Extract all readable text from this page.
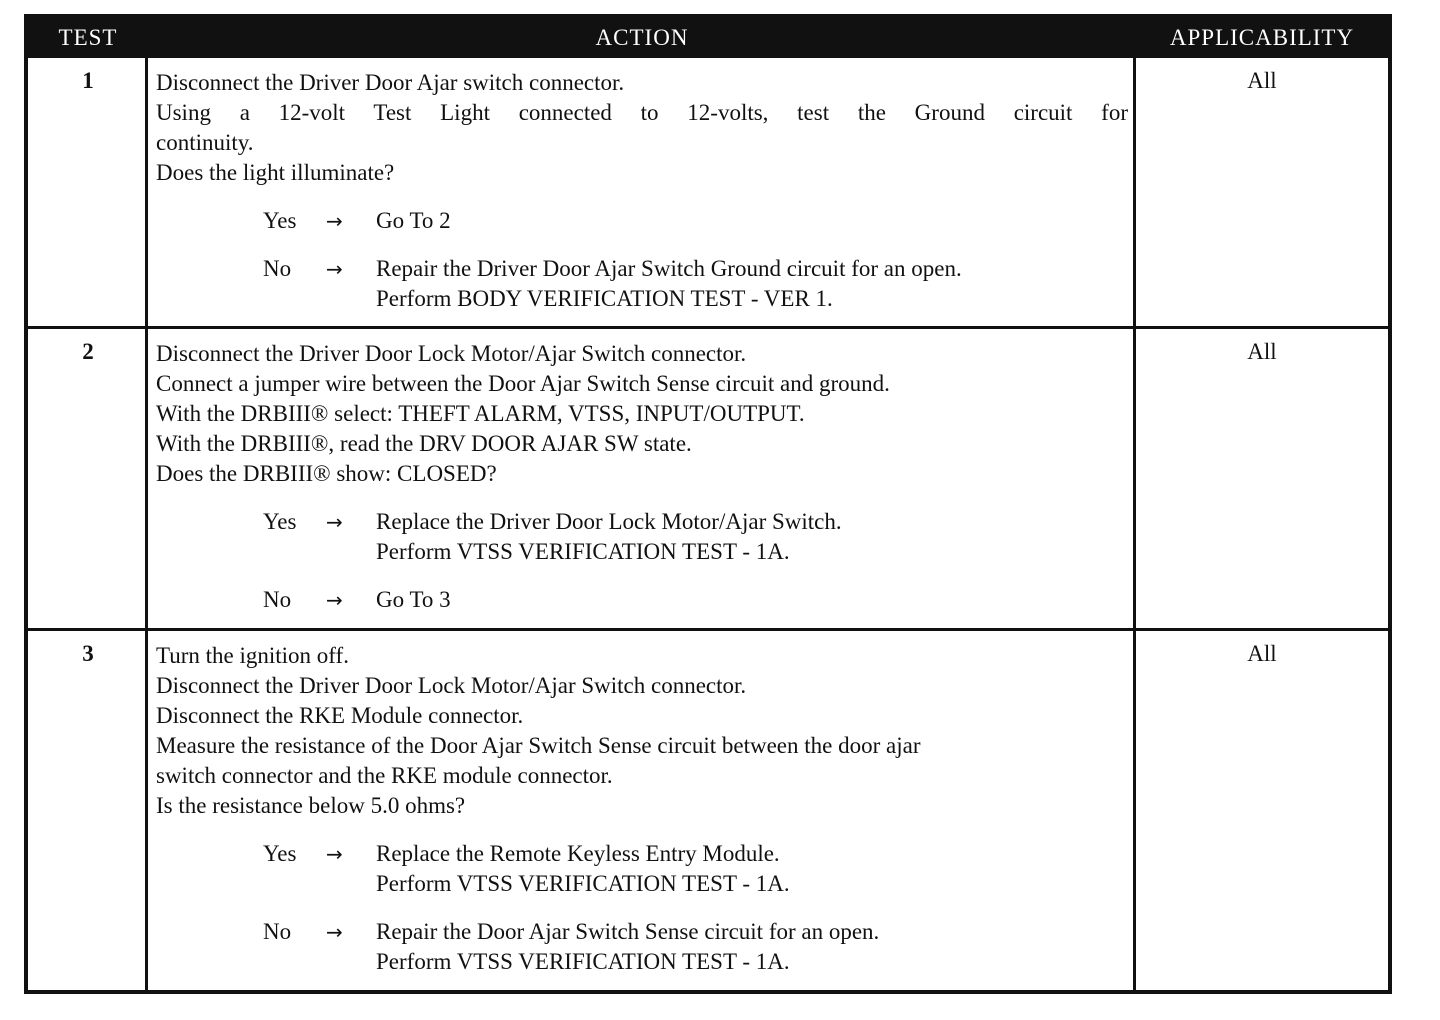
TEST	ACTION	APPLICABILITY
1	Disconnect the Driver Door Ajar switch connector.
Using a 12-volt Test Light connected to 12-volts, test the Ground circuit for
continuity.
Does the light illuminate?
Yes → Go To 2
No → Repair the Driver Door Ajar Switch Ground circuit for an open.
Perform BODY VERIFICATION TEST - VER 1.
All
2	Disconnect the Driver Door Lock Motor/Ajar Switch connector.
Connect a jumper wire between the Door Ajar Switch Sense circuit and ground.
With the DRBIII® select: THEFT ALARM, VTSS, INPUT/OUTPUT.
With the DRBIII®, read the DRV DOOR AJAR SW state.
Does the DRBIII® show: CLOSED?
Yes → Replace the Driver Door Lock Motor/Ajar Switch.
Perform VTSS VERIFICATION TEST - 1A.
No → Go To 3
All
3	Turn the ignition off.
Disconnect the Driver Door Lock Motor/Ajar Switch connector.
Disconnect the RKE Module connector.
Measure the resistance of the Door Ajar Switch Sense circuit between the door ajar
switch connector and the RKE module connector.
Is the resistance below 5.0 ohms?
Yes → Replace the Remote Keyless Entry Module.
Perform VTSS VERIFICATION TEST - 1A.
No → Repair the Door Ajar Switch Sense circuit for an open.
Perform VTSS VERIFICATION TEST - 1A.
All
